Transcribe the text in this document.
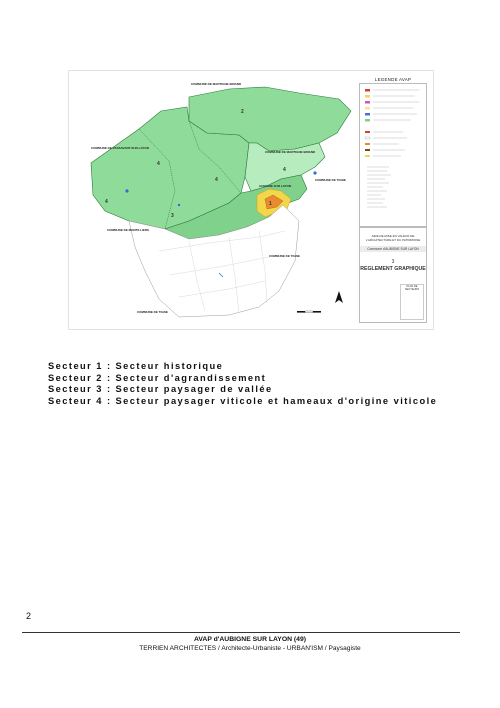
COMMUNE DE MARTIGNE BRIAND
COMMUNE DE PASSAVANT-SUR-LAYON
COMMUNE DE MARTIGNE BRIAND
COMMUNE DE TIGNE
COMMUNE DE MONTILLIERS
COMMUNE DE TIGNE
COMMUNE DE TIGNE
AUBIGNE SUR LAYON
2
4
4
3
4	1
4
LEGENDE AVAP
AIRE DE MISE EN VALEUR DE L'ARCHITECTURE ET DU PATRIMOINE
Commune d'AUBIGNE SUR LAYON
3
REGLEMENT GRAPHIQUE
PLAN DE SECTEURS
Secteur 1 : Secteur historique
Secteur 2 : Secteur d'agrandissement
Secteur 3 : Secteur paysager de vallée
Secteur 4 : Secteur paysager viticole et hameaux d'origine viticole
2
AVAP d'AUBIGNE SUR LAYON (49)
TERRIEN ARCHITECTES / Architecte-Urbaniste - URBAN'ISM / Paysagiste
